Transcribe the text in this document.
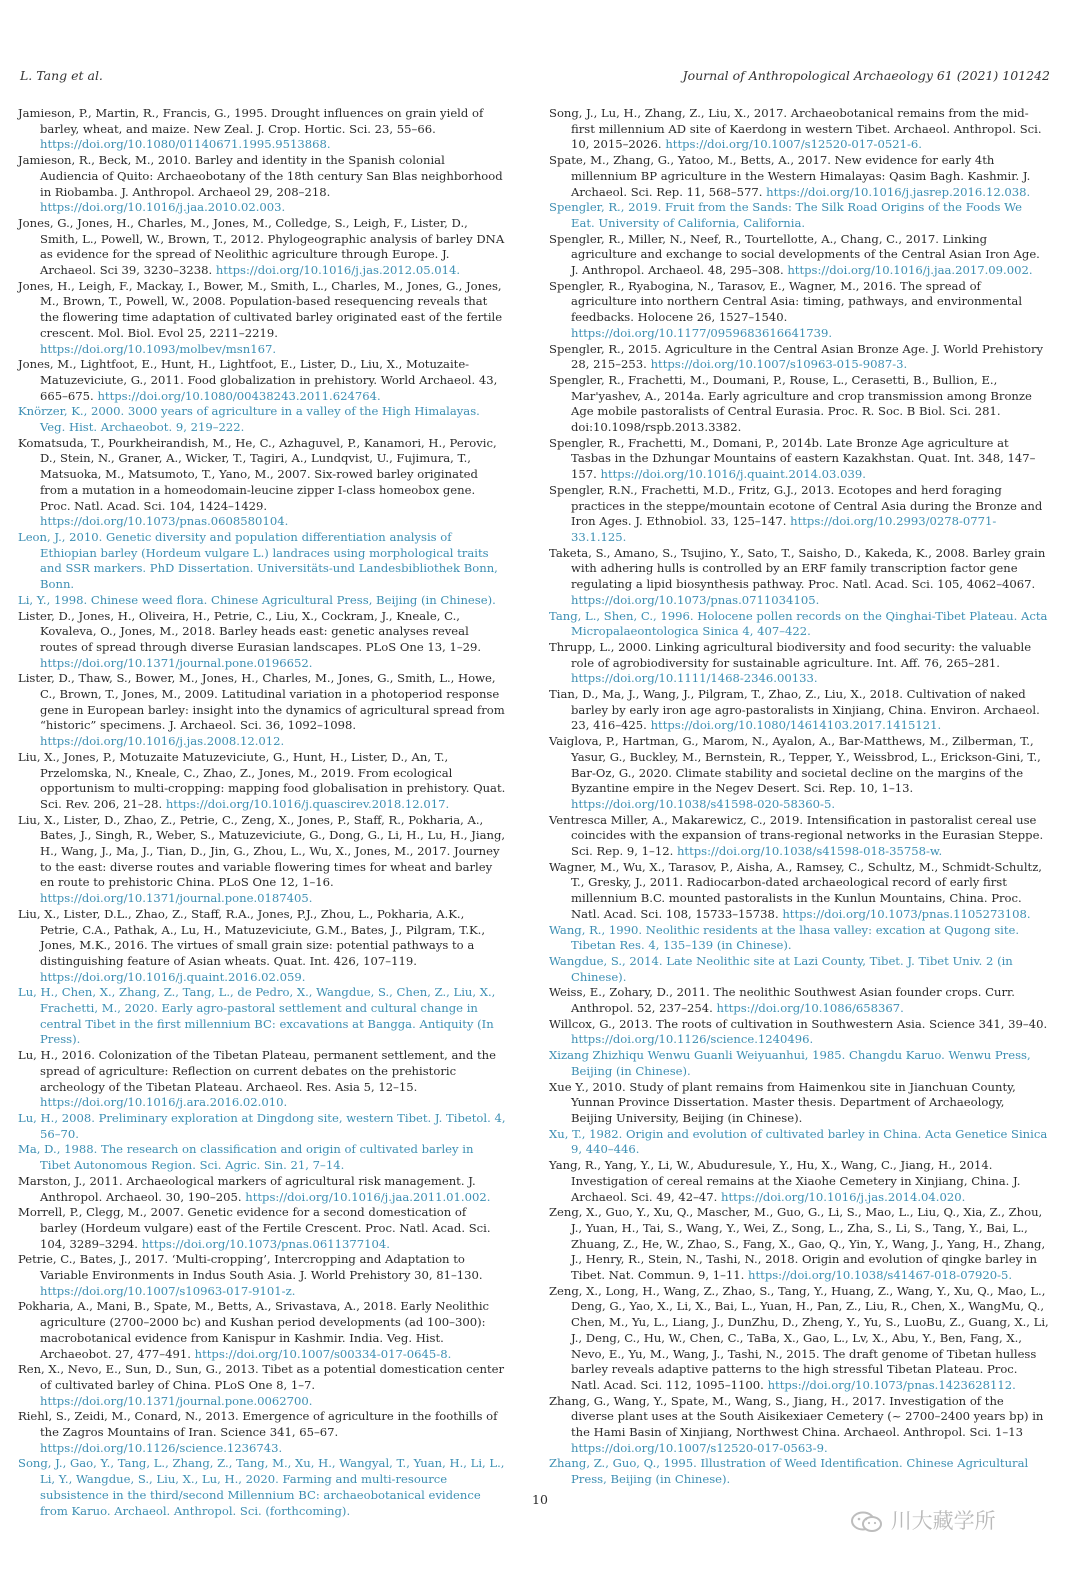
L. Tang et al.	Journal of Anthropological Archaeology 61 (2021) 101242

Jamieson, P., Martin, R., Francis, G., 1995. Drought influences on grain yield of barley, wheat, and maize. New Zeal. J. Crop. Hortic. Sci. 23, 55–66. https://doi.org/10.1080/01140671.1995.9513868.

Jamieson, R., Beck, M., 2010. Barley and identity in the Spanish colonial Audiencia of Quito: Archaeobotany of the 18th century San Blas neighborhood in Riobamba. J. Anthropol. Archaeol 29, 208–218. https://doi.org/10.1016/j.jaa.2010.02.003.

Jones, G., Jones, H., Charles, M., Jones, M., Colledge, S., Leigh, F., Lister, D., Smith, L., Powell, W., Brown, T., 2012. Phylogeographic analysis of barley DNA as evidence for the spread of Neolithic agriculture through Europe. J. Archaeol. Sci 39, 3230–3238. https://doi.org/10.1016/j.jas.2012.05.014.

Jones, H., Leigh, F., Mackay, I., Bower, M., Smith, L., Charles, M., Jones, G., Jones, M., Brown, T., Powell, W., 2008. Population-based resequencing reveals that the flowering time adaptation of cultivated barley originated east of the fertile crescent. Mol. Biol. Evol 25, 2211–2219. https://doi.org/10.1093/molbev/msn167.

Jones, M., Lightfoot, E., Hunt, H., Lightfoot, E., Lister, D., Liu, X., Motuzaite-Matuzeviciute, G., 2011. Food globalization in prehistory. World Archaeol. 43, 665–675. https://doi.org/10.1080/00438243.2011.624764.

Knörzer, K., 2000. 3000 years of agriculture in a valley of the High Himalayas. Veg. Hist. Archaeobot. 9, 219–222.

Komatsuda, T., Pourkheirandish, M., He, C., Azhaguvel, P., Kanamori, H., Perovic, D., Stein, N., Graner, A., Wicker, T., Tagiri, A., Lundqvist, U., Fujimura, T., Matsuoka, M., Matsumoto, T., Yano, M., 2007. Six-rowed barley originated from a mutation in a homeodomain-leucine zipper I-class homeobox gene. Proc. Natl. Acad. Sci. 104, 1424–1429. https://doi.org/10.1073/pnas.0608580104.

Leon, J., 2010. Genetic diversity and population differentiation analysis of Ethiopian barley (Hordeum vulgare L.) landraces using morphological traits and SSR markers. PhD Dissertation. Universitäts-und Landesbibliothek Bonn, Bonn.

Li, Y., 1998. Chinese weed flora. Chinese Agricultural Press, Beijing (in Chinese).

Lister, D., Jones, H., Oliveira, H., Petrie, C., Liu, X., Cockram, J., Kneale, C., Kovaleva, O., Jones, M., 2018. Barley heads east: genetic analyses reveal routes of spread through diverse Eurasian landscapes. PLoS One 13, 1–29. https://doi.org/10.1371/journal.pone.0196652.

Lister, D., Thaw, S., Bower, M., Jones, H., Charles, M., Jones, G., Smith, L., Howe, C., Brown, T., Jones, M., 2009. Latitudinal variation in a photoperiod response gene in European barley: insight into the dynamics of agricultural spread from “historic” specimens. J. Archaeol. Sci. 36, 1092–1098. https://doi.org/10.1016/j.jas.2008.12.012.

Liu, X., Jones, P., Motuzaite Matuzeviciute, G., Hunt, H., Lister, D., An, T., Przelomska, N., Kneale, C., Zhao, Z., Jones, M., 2019. From ecological opportunism to multi-cropping: mapping food globalisation in prehistory. Quat. Sci. Rev. 206, 21–28. https://doi.org/10.1016/j.quascirev.2018.12.017.

Liu, X., Lister, D., Zhao, Z., Petrie, C., Zeng, X., Jones, P., Staff, R., Pokharia, A., Bates, J., Singh, R., Weber, S., Matuzeviciute, G., Dong, G., Li, H., Lu, H., Jiang, H., Wang, J., Ma, J., Tian, D., Jin, G., Zhou, L., Wu, X., Jones, M., 2017. Journey to the east: diverse routes and variable flowering times for wheat and barley en route to prehistoric China. PLoS One 12, 1–16. https://doi.org/10.1371/journal.pone.0187405.

Liu, X., Lister, D.L., Zhao, Z., Staff, R.A., Jones, P.J., Zhou, L., Pokharia, A.K., Petrie, C.A., Pathak, A., Lu, H., Matuzeviciute, G.M., Bates, J., Pilgram, T.K., Jones, M.K., 2016. The virtues of small grain size: potential pathways to a distinguishing feature of Asian wheats. Quat. Int. 426, 107–119. https://doi.org/10.1016/j.quaint.2016.02.059.

Lu, H., Chen, X., Zhang, Z., Tang, L., de Pedro, X., Wangdue, S., Chen, Z., Liu, X., Frachetti, M., 2020. Early agro-pastoral settlement and cultural change in central Tibet in the first millennium BC: excavations at Bangga. Antiquity (In Press).

Lu, H., 2016. Colonization of the Tibetan Plateau, permanent settlement, and the spread of agriculture: Reflection on current debates on the prehistoric archeology of the Tibetan Plateau. Archaeol. Res. Asia 5, 12–15. https://doi.org/10.1016/j.ara.2016.02.010.

Lu, H., 2008. Preliminary exploration at Dingdong site, western Tibet. J. Tibetol. 4, 56–70.

Ma, D., 1988. The research on classification and origin of cultivated barley in Tibet Autonomous Region. Sci. Agric. Sin. 21, 7–14.

Marston, J., 2011. Archaeological markers of agricultural risk management. J. Anthropol. Archaeol. 30, 190–205. https://doi.org/10.1016/j.jaa.2011.01.002.

Morrell, P., Clegg, M., 2007. Genetic evidence for a second domestication of barley (Hordeum vulgare) east of the Fertile Crescent. Proc. Natl. Acad. Sci. 104, 3289–3294. https://doi.org/10.1073/pnas.0611377104.

Petrie, C., Bates, J., 2017. ‘Multi-cropping’, Intercropping and Adaptation to Variable Environments in Indus South Asia. J. World Prehistory 30, 81–130. https://doi.org/10.1007/s10963-017-9101-z.

Pokharia, A., Mani, B., Spate, M., Betts, A., Srivastava, A., 2018. Early Neolithic agriculture (2700–2000 bc) and Kushan period developments (ad 100–300): macrobotanical evidence from Kanispur in Kashmir. India. Veg. Hist. Archaeobot. 27, 477–491. https://doi.org/10.1007/s00334-017-0645-8.

Ren, X., Nevo, E., Sun, D., Sun, G., 2013. Tibet as a potential domestication center of cultivated barley of China. PLoS One 8, 1–7. https://doi.org/10.1371/journal.pone.0062700.

Riehl, S., Zeidi, M., Conard, N., 2013. Emergence of agriculture in the foothills of the Zagros Mountains of Iran. Science 341, 65–67. https://doi.org/10.1126/science.1236743.

Song, J., Gao, Y., Tang, L., Zhang, Z., Tang, M., Xu, H., Wangyal, T., Yuan, H., Li, L., Li, Y., Wangdue, S., Liu, X., Lu, H., 2020. Farming and multi-resource subsistence in the third/second Millennium BC: archaeobotanical evidence from Karuo. Archaeol. Anthropol. Sci. (forthcoming).

Song, J., Lu, H., Zhang, Z., Liu, X., 2017. Archaeobotanical remains from the mid-first millennium AD site of Kaerdong in western Tibet. Archaeol. Anthropol. Sci. 10, 2015–2026. https://doi.org/10.1007/s12520-017-0521-6.

Spate, M., Zhang, G., Yatoo, M., Betts, A., 2017. New evidence for early 4th millennium BP agriculture in the Western Himalayas: Qasim Bagh. Kashmir. J. Archaeol. Sci. Rep. 11, 568–577. https://doi.org/10.1016/j.jasrep.2016.12.038.

Spengler, R., 2019. Fruit from the Sands: The Silk Road Origins of the Foods We Eat. University of California, California.

Spengler, R., Miller, N., Neef, R., Tourtellotte, A., Chang, C., 2017. Linking agriculture and exchange to social developments of the Central Asian Iron Age. J. Anthropol. Archaeol. 48, 295–308. https://doi.org/10.1016/j.jaa.2017.09.002.

Spengler, R., Ryabogina, N., Tarasov, E., Wagner, M., 2016. The spread of agriculture into northern Central Asia: timing, pathways, and environmental feedbacks. Holocene 26, 1527–1540. https://doi.org/10.1177/0959683616641739.

Spengler, R., 2015. Agriculture in the Central Asian Bronze Age. J. World Prehistory 28, 215–253. https://doi.org/10.1007/s10963-015-9087-3.

Spengler, R., Frachetti, M., Doumani, P., Rouse, L., Cerasetti, B., Bullion, E., Mar'yashev, A., 2014a. Early agriculture and crop transmission among Bronze Age mobile pastoralists of Central Eurasia. Proc. R. Soc. B Biol. Sci. 281. doi:10.1098/rspb.2013.3382.

Spengler, R., Frachetti, M., Domani, P., 2014b. Late Bronze Age agriculture at Tasbas in the Dzhungar Mountains of eastern Kazakhstan. Quat. Int. 348, 147–157. https://doi.org/10.1016/j.quaint.2014.03.039.

Spengler, R.N., Frachetti, M.D., Fritz, G.J., 2013. Ecotopes and herd foraging practices in the steppe/mountain ecotone of Central Asia during the Bronze and Iron Ages. J. Ethnobiol. 33, 125–147. https://doi.org/10.2993/0278-0771-33.1.125.

Taketa, S., Amano, S., Tsujino, Y., Sato, T., Saisho, D., Kakeda, K., 2008. Barley grain with adhering hulls is controlled by an ERF family transcription factor gene regulating a lipid biosynthesis pathway. Proc. Natl. Acad. Sci. 105, 4062–4067. https://doi.org/10.1073/pnas.0711034105.

Tang, L., Shen, C., 1996. Holocene pollen records on the Qinghai-Tibet Plateau. Acta Micropalaeontologica Sinica 4, 407–422.

Thrupp, L., 2000. Linking agricultural biodiversity and food security: the valuable role of agrobiodiversity for sustainable agriculture. Int. Aff. 76, 265–281. https://doi.org/10.1111/1468-2346.00133.

Tian, D., Ma, J., Wang, J., Pilgram, T., Zhao, Z., Liu, X., 2018. Cultivation of naked barley by early iron age agro-pastoralists in Xinjiang, China. Environ. Archaeol. 23, 416–425. https://doi.org/10.1080/14614103.2017.1415121.

Vaiglova, P., Hartman, G., Marom, N., Ayalon, A., Bar-Matthews, M., Zilberman, T., Yasur, G., Buckley, M., Bernstein, R., Tepper, Y., Weissbrod, L., Erickson-Gini, T., Bar-Oz, G., 2020. Climate stability and societal decline on the margins of the Byzantine empire in the Negev Desert. Sci. Rep. 10, 1–13. https://doi.org/10.1038/s41598-020-58360-5.

Ventresca Miller, A., Makarewicz, C., 2019. Intensification in pastoralist cereal use coincides with the expansion of trans-regional networks in the Eurasian Steppe. Sci. Rep. 9, 1–12. https://doi.org/10.1038/s41598-018-35758-w.

Wagner, M., Wu, X., Tarasov, P., Aisha, A., Ramsey, C., Schultz, M., Schmidt-Schultz, T., Gresky, J., 2011. Radiocarbon-dated archaeological record of early first millennium B.C. mounted pastoralists in the Kunlun Mountains, China. Proc. Natl. Acad. Sci. 108, 15733–15738. https://doi.org/10.1073/pnas.1105273108.

Wang, R., 1990. Neolithic residents at the lhasa valley: excation at Qugong site. Tibetan Res. 4, 135–139 (in Chinese).

Wangdue, S., 2014. Late Neolithic site at Lazi County, Tibet. J. Tibet Univ. 2 (in Chinese).

Weiss, E., Zohary, D., 2011. The neolithic Southwest Asian founder crops. Curr. Anthropol. 52, 237–254. https://doi.org/10.1086/658367.

Willcox, G., 2013. The roots of cultivation in Southwestern Asia. Science 341, 39–40. https://doi.org/10.1126/science.1240496.

Xizang Zhizhiqu Wenwu Guanli Weiyuanhui, 1985. Changdu Karuo. Wenwu Press, Beijing (in Chinese).

Xue Y., 2010. Study of plant remains from Haimenkou site in Jianchuan County, Yunnan Province Dissertation. Master thesis. Department of Archaeology, Beijing University, Beijing (in Chinese).

Xu, T., 1982. Origin and evolution of cultivated barley in China. Acta Genetice Sinica 9, 440–446.

Yang, R., Yang, Y., Li, W., Abuduresule, Y., Hu, X., Wang, C., Jiang, H., 2014. Investigation of cereal remains at the Xiaohe Cemetery in Xinjiang, China. J. Archaeol. Sci. 49, 42–47. https://doi.org/10.1016/j.jas.2014.04.020.

Zeng, X., Guo, Y., Xu, Q., Mascher, M., Guo, G., Li, S., Mao, L., Liu, Q., Xia, Z., Zhou, J., Yuan, H., Tai, S., Wang, Y., Wei, Z., Song, L., Zha, S., Li, S., Tang, Y., Bai, L., Zhuang, Z., He, W., Zhao, S., Fang, X., Gao, Q., Yin, Y., Wang, J., Yang, H., Zhang, J., Henry, R., Stein, N., Tashi, N., 2018. Origin and evolution of qingke barley in Tibet. Nat. Commun. 9, 1–11. https://doi.org/10.1038/s41467-018-07920-5.

Zeng, X., Long, H., Wang, Z., Zhao, S., Tang, Y., Huang, Z., Wang, Y., Xu, Q., Mao, L., Deng, G., Yao, X., Li, X., Bai, L., Yuan, H., Pan, Z., Liu, R., Chen, X., WangMu, Q., Chen, M., Yu, L., Liang, J., DunZhu, D., Zheng, Y., Yu, S., LuoBu, Z., Guang, X., Li, J., Deng, C., Hu, W., Chen, C., TaBa, X., Gao, L., Lv, X., Abu, Y., Ben, Fang, X., Nevo, E., Yu, M., Wang, J., Tashi, N., 2015. The draft genome of Tibetan hulless barley reveals adaptive patterns to the high stressful Tibetan Plateau. Proc. Natl. Acad. Sci. 112, 1095–1100. https://doi.org/10.1073/pnas.1423628112.

Zhang, G., Wang, Y., Spate, M., Wang, S., Jiang, H., 2017. Investigation of the diverse plant uses at the South Aisikexiaer Cemetery (~ 2700–2400 years bp) in the Hami Basin of Xinjiang, Northwest China. Archaeol. Anthropol. Sci. 1–13 https://doi.org/10.1007/s12520-017-0563-9.

Zhang, Z., Guo, Q., 1995. Illustration of Weed Identification. Chinese Agricultural Press, Beijing (in Chinese).

10
川大藏学所
